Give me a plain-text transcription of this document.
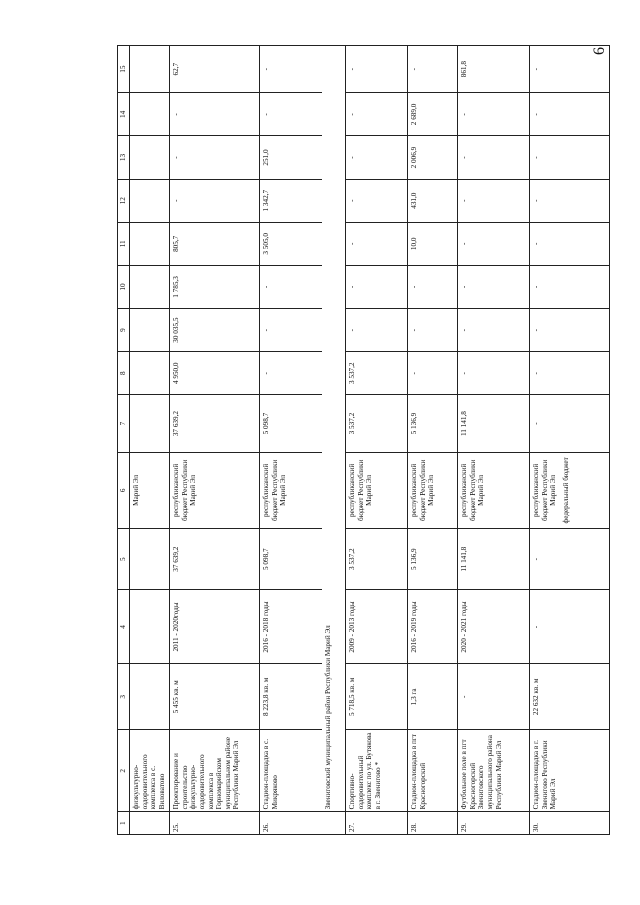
6
1	2	3	4	5	6	7	8	9	10	11	12	13	14	15
	физкультурно-оздоровительного комплекса в с. Виловатово				Марий Эл									
25.	Проектирование и строительство физкультурно-оздоровительного комплекса в Горномарийском муниципальном районе Республики Марий Эл	5 455 кв. м	2011 - 2020годы	37 639,2	республиканский бюджет Республики Марий Эл	37 639,2	4 950,0	30 035,5	1 785,3	805,7	-	-	-	62,7
26.	Стадион-площадка в с. Микряково	8 223,8 кв. м	2016 - 2018 годы	5 098,7	республиканский бюджет Республики Марий Эл	5 098,7	-	-	-	3 505,0	1 342,7	251,0	-	-
	Звениговский муниципальный район Республики Марий Эл													
27.	Спортивно-оздоровительный комплекс по ул. Бутякова в г. Звенигово *	5 718,5 кв. м	2009 - 2013 годы	3 537,2	республиканский бюджет Республики Марий Эл	3 537,2	3 537,2	-	-	-	-	-	-	-
28.	Стадион-площадка в пгт Красногорский	1,3 га	2016 - 2019 годы	5 136,9	республиканский бюджет Республики Марий Эл	5 136,9	-	-	-	10,0	431,0	2 006,9	2 689,0	-
29.	Футбольное поле в пгт Красногорский Звениговского муниципального района Республики Марий Эл	-	2020 - 2021 годы	11 141,8	республиканский бюджет Республики Марий Эл	11 141,8	-	-	-	-	-	-	-	861,8
30.	Стадион-площадка в г. Звенигово Республики Марий Эл	22 632 кв. м	-	-	республиканский бюджет Республики Марий Эл федеральный бюджет	-	-	-	-	-	-	-	-	-
